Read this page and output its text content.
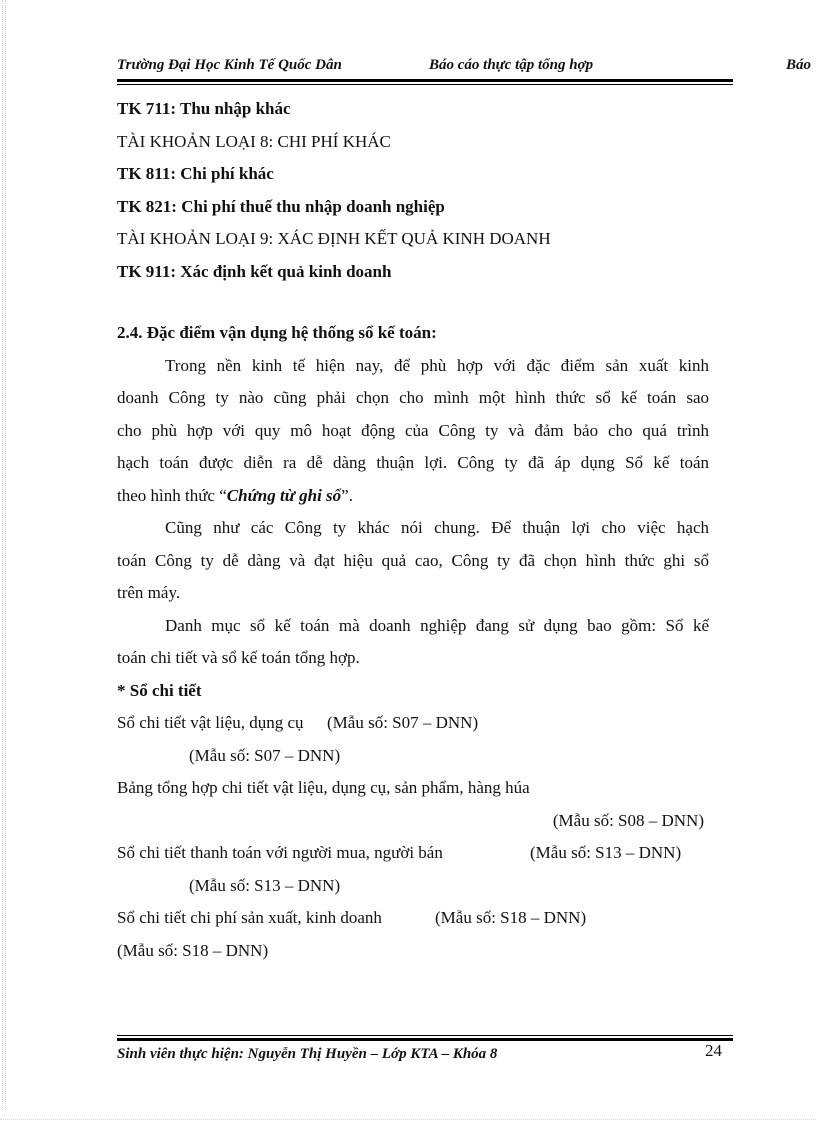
Trường Đại Học Kinh Tế Quốc Dân	Báo cáo thực tập tổng hợp	Báo
TK 711: Thu nhập khác
TÀI KHOẢN LOẠI 8: CHI PHÍ KHÁC
TK 811: Chi phí khác
TK 821: Chi phí thuế thu nhập doanh nghiệp
TÀI KHOẢN LOẠI 9: XÁC ĐỊNH KẾT QUẢ KINH DOANH
TK 911: Xác định kết quả kinh doanh
2.4. Đặc điểm vận dụng hệ thống sổ kế toán:
Trong nền kinh tế hiện nay, để phù hợp với đặc điểm sản xuất kinh
doanh Công ty nào cũng phải chọn cho mình một hình thức sổ kế toán sao
cho phù hợp với quy mô hoạt động của Công ty và đảm bảo cho quá trình
hạch toán được diễn ra dễ dàng thuận lợi. Công ty đã áp dụng Sổ kế toán
theo hình thức “Chứng từ ghi sổ”.
Cũng như các Công ty khác nói chung. Để thuận lợi cho việc hạch
toán Công ty dễ dàng và đạt hiệu quả cao, Công ty đã chọn hình thức ghi sổ
trên máy.
Danh mục sổ kế toán mà doanh nghiệp đang sử dụng bao gồm: Sổ kế
toán chi tiết và sổ kế toán tổng hợp.
* Sổ chi tiết
Sổ chi tiết vật liệu, dụng cụ (Mẫu số: S07 – DNN)
(Mẫu số: S07 – DNN)
Bảng tổng hợp chi tiết vật liệu, dụng cụ, sản phẩm, hàng húa
(Mẫu số: S08 – DNN)
Sổ chi tiết thanh toán với người mua, người bán	(Mẫu số: S13 – DNN)
(Mẫu số: S13 – DNN)
Sổ chi tiết chi phí sản xuất, kinh doanh	(Mẫu số: S18 – DNN)
(Mẫu số: S18 – DNN)
Sinh viên thực hiện: Nguyễn Thị Huyền – Lớp KTA – Khóa 8	24
